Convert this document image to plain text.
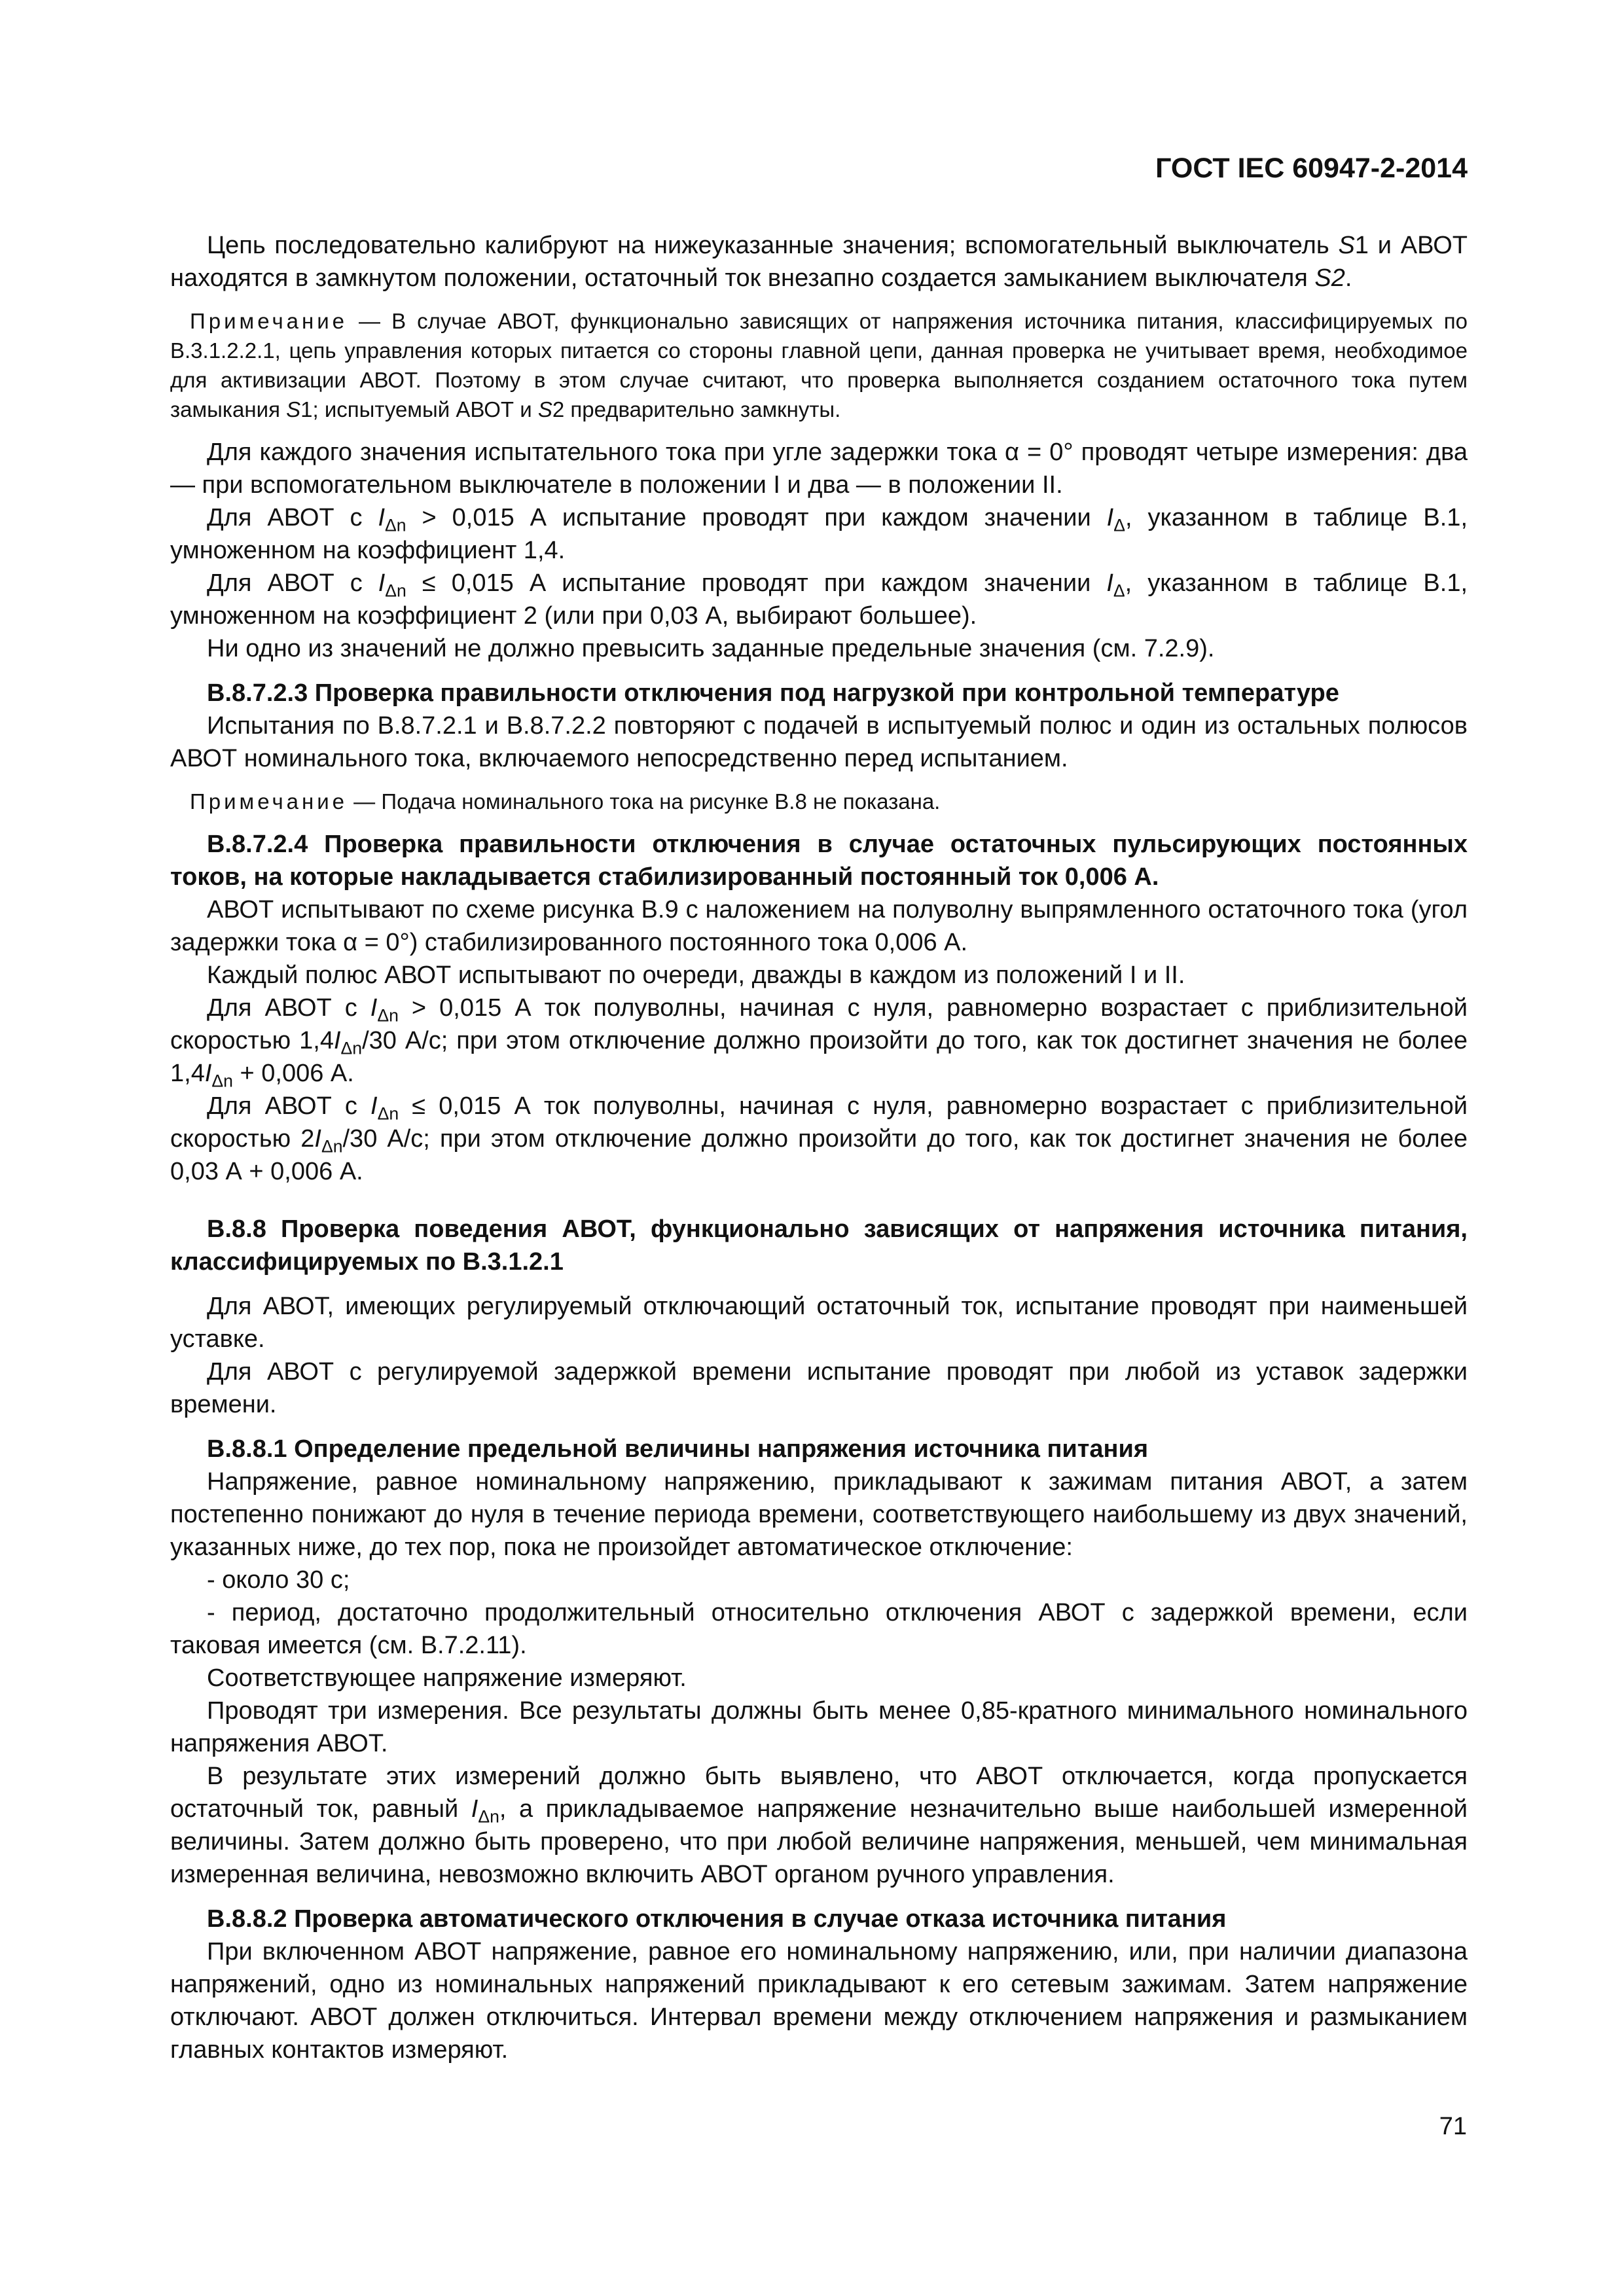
ГОСТ IEC 60947-2-2014

Цепь последовательно калибруют на нижеуказанные значения; вспомогательный выключатель S1 и АВОТ находятся в замкнутом положении, остаточный ток внезапно создается замыканием выключателя S2.

Примечание — В случае АВОТ, функционально зависящих от напряжения источника питания, классифицируемых по В.3.1.2.2.1, цепь управления которых питается со стороны главной цепи, данная проверка не учитывает время, необходимое для активизации АВОТ. Поэтому в этом случае считают, что проверка выполняется созданием остаточного тока путем замыкания S1; испытуемый АВОТ и S2 предварительно замкнуты.

Для каждого значения испытательного тока при угле задержки тока α = 0° проводят четыре измерения: два — при вспомогательном выключателе в положении I и два — в положении II.

Для АВОТ с $I_{\Delta n} > 0,015$ А испытание проводят при каждом значении $I_\Delta$, указанном в таблице В.1, умноженном на коэффициент 1,4.

Для АВОТ с $I_{\Delta n} \le 0,015$ А испытание проводят при каждом значении $I_\Delta$, указанном в таблице В.1, умноженном на коэффициент 2 (или при 0,03 А, выбирают большее).

Ни одно из значений не должно превысить заданные предельные значения (см. 7.2.9).

В.8.7.2.3 Проверка правильности отключения под нагрузкой при контрольной температуре

Испытания по В.8.7.2.1 и В.8.7.2.2 повторяют с подачей в испытуемый полюс и один из остальных полюсов АВОТ номинального тока, включаемого непосредственно перед испытанием.

Примечание — Подача номинального тока на рисунке В.8 не показана.

В.8.7.2.4 Проверка правильности отключения в случае остаточных пульсирующих постоянных токов, на которые накладывается стабилизированный постоянный ток 0,006 А.

АВОТ испытывают по схеме рисунка В.9 с наложением на полуволну выпрямленного остаточного тока (угол задержки тока α = 0°) стабилизированного постоянного тока 0,006 А.

Каждый полюс АВОТ испытывают по очереди, дважды в каждом из положений I и II.

Для АВОТ с $I_{\Delta n} > 0,015$ А ток полуволны, начиная с нуля, равномерно возрастает с приблизительной скоростью $1,4I_{\Delta n}/30$ А/с; при этом отключение должно произойти до того, как ток достигнет значения не более $1,4I_{\Delta n} + 0,006$ А.

Для АВОТ с $I_{\Delta n} \le 0,015$ А ток полуволны, начиная с нуля, равномерно возрастает с приблизительной скоростью $2I_{\Delta n}/30$ А/с; при этом отключение должно произойти до того, как ток достигнет значения не более 0,03 А + 0,006 А.

В.8.8 Проверка поведения АВОТ, функционально зависящих от напряжения источника питания, классифицируемых по В.3.1.2.1

Для АВОТ, имеющих регулируемый отключающий остаточный ток, испытание проводят при наименьшей уставке.

Для АВОТ с регулируемой задержкой времени испытание проводят при любой из уставок задержки времени.

В.8.8.1 Определение предельной величины напряжения источника питания

Напряжение, равное номинальному напряжению, прикладывают к зажимам питания АВОТ, а затем постепенно понижают до нуля в течение периода времени, соответствующего наибольшему из двух значений, указанных ниже, до тех пор, пока не произойдет автоматическое отключение:

- около 30 с;

- период, достаточно продолжительный относительно отключения АВОТ с задержкой времени, если таковая имеется (см. В.7.2.11).

Соответствующее напряжение измеряют.

Проводят три измерения. Все результаты должны быть менее 0,85-кратного минимального номинального напряжения АВОТ.

В результате этих измерений должно быть выявлено, что АВОТ отключается, когда пропускается остаточный ток, равный $I_{\Delta n}$, а прикладываемое напряжение незначительно выше наибольшей измеренной величины. Затем должно быть проверено, что при любой величине напряжения, меньшей, чем минимальная измеренная величина, невозможно включить АВОТ органом ручного управления.

В.8.8.2 Проверка автоматического отключения в случае отказа источника питания

При включенном АВОТ напряжение, равное его номинальному напряжению, или, при наличии диапазона напряжений, одно из номинальных напряжений прикладывают к его сетевым зажимам. Затем напряжение отключают. АВОТ должен отключиться. Интервал времени между отключением напряжения и размыканием главных контактов измеряют.

71
